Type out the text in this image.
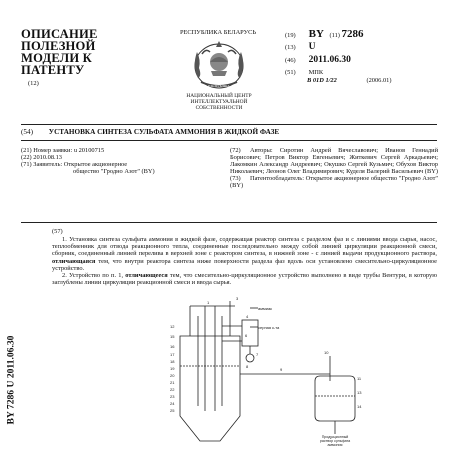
ОПИСАНИЕ
ПОЛЕЗНОЙ
МОДЕЛИ К
ПАТЕНТУ
(12)
РЕСПУБЛИКА БЕЛАРУСЬ
РЭСПУБЛІКА
НАЦИОНАЛЬНЫЙ ЦЕНТР
ИНТЕЛЛЕКТУАЛЬНОЙ
СОБСТВЕННОСТИ
(19) BY (11) 7286
(13) U
(46) 2011.06.30
(51) МПК
B 01D 1/22	(2006.01)
(54) УСТАНОВКА СИНТЕЗА СУЛЬФАТА АММОНИЯ В ЖИДКОЙ ФАЗЕ
(21) Номер заявки: u 20100715
(22) 2010.08.13
(71) Заявитель: Открытое акционерное
общество "Гродно Азот" (BY)
(72) Авторы: Сиротин Андрей Вячеславович; Иванов Геннадий Борисович; Петров Виктор Евгеньевич; Житкевич Сергей Аркадьевич; Лакомкин Александр Андреевич; Окушко Сергей Кузьмич; Обухов Виктор Николаевич; Леонов Олег Владимирович; Куделя Валерий Васильевич (BY)
(73) Патентообладатель: Открытое акционерное общество "Гродно Азот" (BY)
(57)

1. Установка синтеза сульфата аммония в жидкой фазе, содержащая реактор синтеза с разделом фаз и с линиями ввода сырья, насос, теплообменник для отвода реакционного тепла, соединенные последовательно между собой линией циркуляции реакционной смеси, сборник, соединенный линией перелива в верхней зоне с реактором синтеза, в нижней зоне - с линией выдачи продукционного раствора, отличающаяся тем, что внутри реактора синтеза ниже поверхности раздела фаз вдоль оси установлено смесительно-циркуляционное устройство.

2. Устройство по п. 1, отличающееся тем, что смесительно-циркуляционное устройство выполнено в виде трубы Вентури, в которую заглублены линии циркуляции реакционной смеси и ввода сырья.

BY 7286 U 2011.06.30
аммиак
серная к-та
12
15
16
17
18
19
20
21
22
23
24
25
1
3
4
6
7
8
9
10
11
13
14
Продукционный
раствор сульфата
аммония
